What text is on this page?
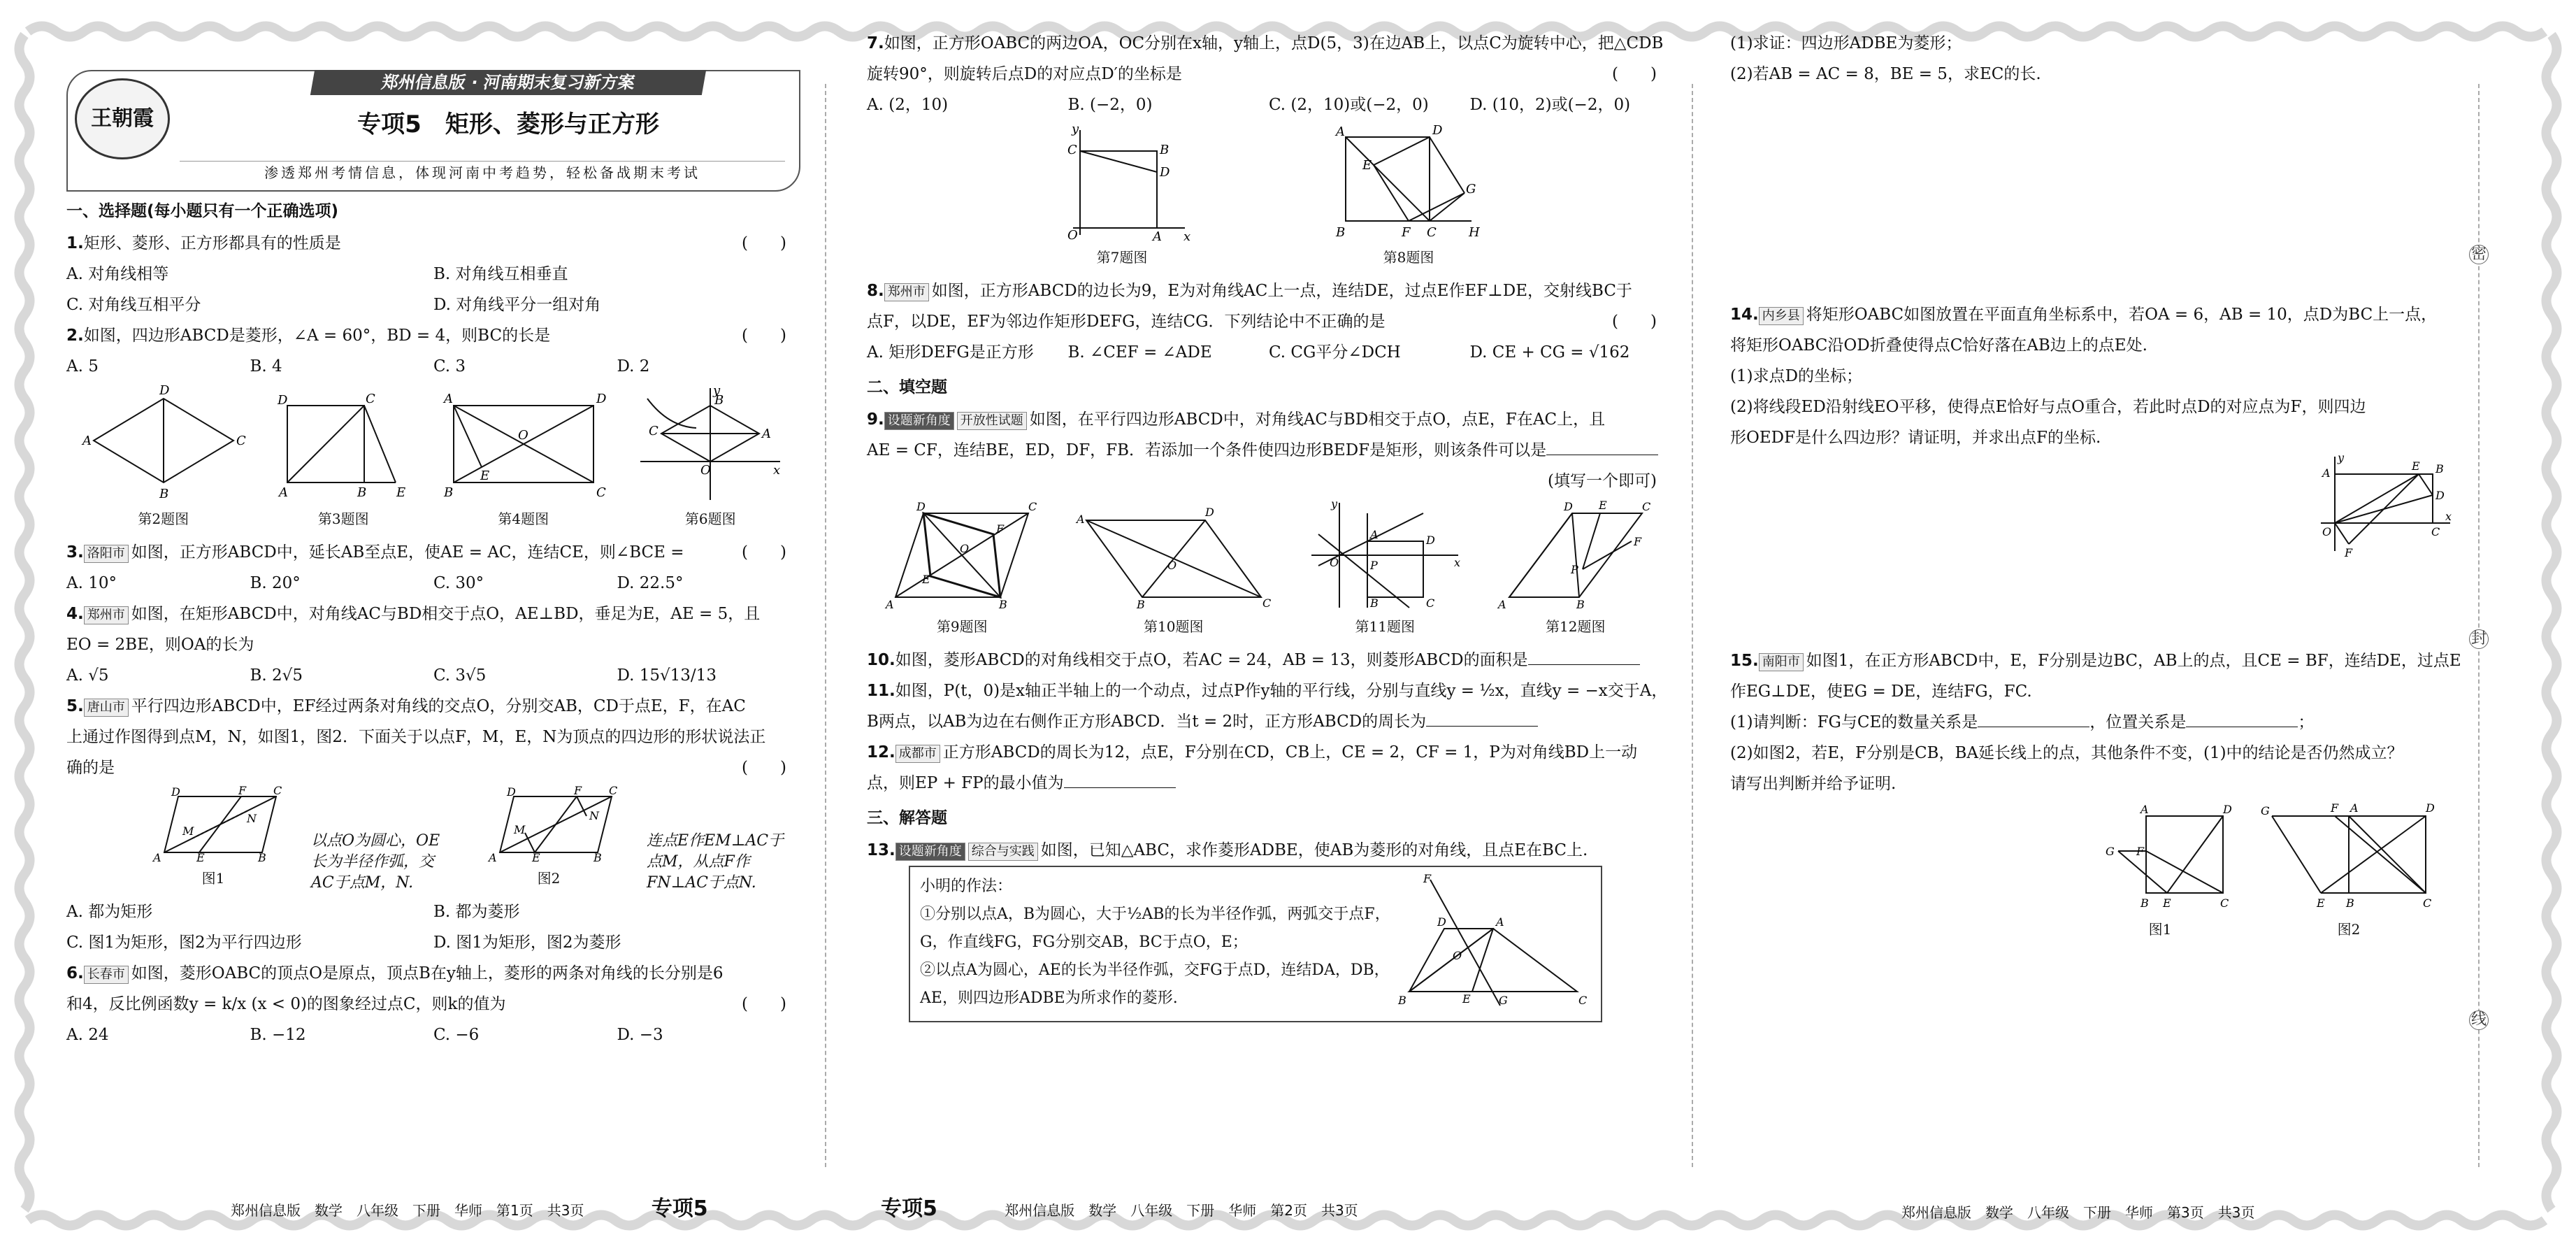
密
封
线
王朝霞
郑州信息版 · 河南期末复习新方案
专项5　矩形、菱形与正方形
渗透郑州考情信息，体现河南中考趋势，轻松备战期末考试
一、选择题(每小题只有一个正确选项)

1.矩形、菱形、正方形都具有的性质是	(　　)

A. 对角线相等	B. 对角线互相垂直
C. 对角线互相平分	D. 对角线平分一组对角

2.如图，四边形ABCD是菱形，∠A = 60°，BD = 4，则BC的长是	(　　)

A. 5	B. 4	C. 3	D. 2
A
D
C
B
第2题图
D	C
A	B E
第3题图
A	D
B	C
O
E
第4题图
C
B
A
O	x
y
第6题图

3. 洛阳市 如图，正方形ABCD中，延长AB至点E，使AE = AC，连结CE，则∠BCE =	(　　)

A. 10°	B. 20°	C. 30°	D. 22.5°

4. 郑州市 如图，在矩形ABCD中，对角线AC与BD相交于点O，AE⊥BD，垂足为E，AE = 5，且

EO = 2BE，则OA的长为

A. √5	B. 2√5	C. 3√5	D. 15√13/13

5. 唐山市 平行四边形ABCD中，EF经过两条对角线的交点O，分别交AB，CD于点E，F，在AC

上通过作图得到点M，N，如图1，图2．下面关于以点F，M，E，N为顶点的四边形的形状说法正

确的是	(　　)

A	E	B
D	F C
M
N
图1
以点O为圆心，OE长为半径作弧，交AC于点M，N.
A	E	B
D	F C
M
N
图2
连点E作EM⊥AC于点M，从点F作FN⊥AC于点N.
A. 都为矩形	B. 都为菱形
C. 图1为矩形，图2为平行四边形	D. 图1为矩形，图2为菱形

6. 长春市 如图，菱形OABC的顶点O是原点，顶点B在y轴上，菱形的两条对角线的长分别是6

和4，反比例函数y = k/x (x < 0)的图象经过点C，则k的值为	(　　)

A. 24	B. −12	C. −6	D. −3
郑州信息版　数学　八年级　下册　华师　第1页　共3页	专项5

7.如图，正方形OABC的两边OA，OC分别在x轴，y轴上，点D(5，3)在边AB上，以点C为旋转中心，把△CDB

旋转90°，则旋转后点D的对应点D′的坐标是	(　　)

A. (2，10)	B. (−2，0)	C. (2，10)或(−2，0)	D. (10，2)或(−2，0)
C	B
D
O	A x
y
第7题图
A	D
E
G
B	F C	H
第8题图

8. 郑州市 如图，正方形ABCD的边长为9，E为对角线AC上一点，连结DE，过点E作EF⊥DE，交射线BC于

点F，以DE，EF为邻边作矩形DEFG，连结CG．下列结论中不正确的是	(　　)

A. 矩形DEFG是正方形	B. ∠CEF = ∠ADE	C. CG平分∠DCH	D. CE + CG = √162
二、填空题

9. 设题新角度 开放性试题 如图，在平行四边形ABCD中，对角线AC与BD相交于点O，点E，F在AC上，且

AE = CF，连结BE，ED，DF，FB．若添加一个条件使四边形BEDF是矩形，则该条件可以是

(填写一个即可)

A	B
C
D
E
F
O
第9题图
A
D
C
B
O
第10题图
A
P
B
D
C
O	x
y
第11题图
A	B
C
D E
F
P
第12题图

10.如图，菱形ABCD的对角线相交于点O，若AC = 24，AB = 13，则菱形ABCD的面积是

11.如图，P(t，0)是x轴正半轴上的一个动点，过点P作y轴的平行线，分别与直线y = ½x，直线y = −x交于A，

B两点，以AB为边在右侧作正方形ABCD．当t = 2时，正方形ABCD的周长为

12. 成都市 正方形ABCD的周长为12，点E，F分别在CD，CB上，CE = 2，CF = 1，P为对角线BD上一动

点，则EP + FP的最小值为

三、解答题

13. 设题新角度 综合与实践 如图，已知△ABC，求作菱形ADBE，使AB为菱形的对角线，且点E在BC上.

小明的作法：
①分别以点A，B为圆心，大于½AB的长为半径作弧，两弧交于点F，G，作直线FG，FG分别交AB，BC于点O，E；
②以点A为圆心，AE的长为半径作弧，交FG于点D，连结DA，DB，AE，则四边形ADBE为所求作的菱形.	B	C
A
F
D
O
E	G
专项5	郑州信息版　数学　八年级　下册　华师　第2页　共3页

(1)求证：四边形ADBE为菱形；

(2)若AB = AC = 8，BE = 5，求EC的长.

14. 内乡县 将矩形OABC如图放置在平面直角坐标系中，若OA = 6，AB = 10，点D为BC上一点，

将矩形OABC沿OD折叠使得点C恰好落在AB边上的点E处.

(1)求点D的坐标；

(2)将线段ED沿射线EO平移，使得点E恰好与点O重合，若此时点D的对应点为F，则四边

形OEDF是什么四边形？请证明，并求出点F的坐标.

A
E B
D
O	C
F
x
y

15. 南阳市 如图1，在正方形ABCD中，E，F分别是边BC，AB上的点，且CE = BF，连结DE，过点E

作EG⊥DE，使EG = DE，连结FG，FC.

(1)请判断：FG与CE的数量关系是	，位置关系是	；

(2)如图2，若E，F分别是CB，BA延长线上的点，其他条件不变，(1)中的结论是否仍然成立？

请写出判断并给予证明.

A	D
G F
B E	C
图1
G	F A	D
E B	C
图2
郑州信息版　数学　八年级　下册　华师　第3页　共3页
